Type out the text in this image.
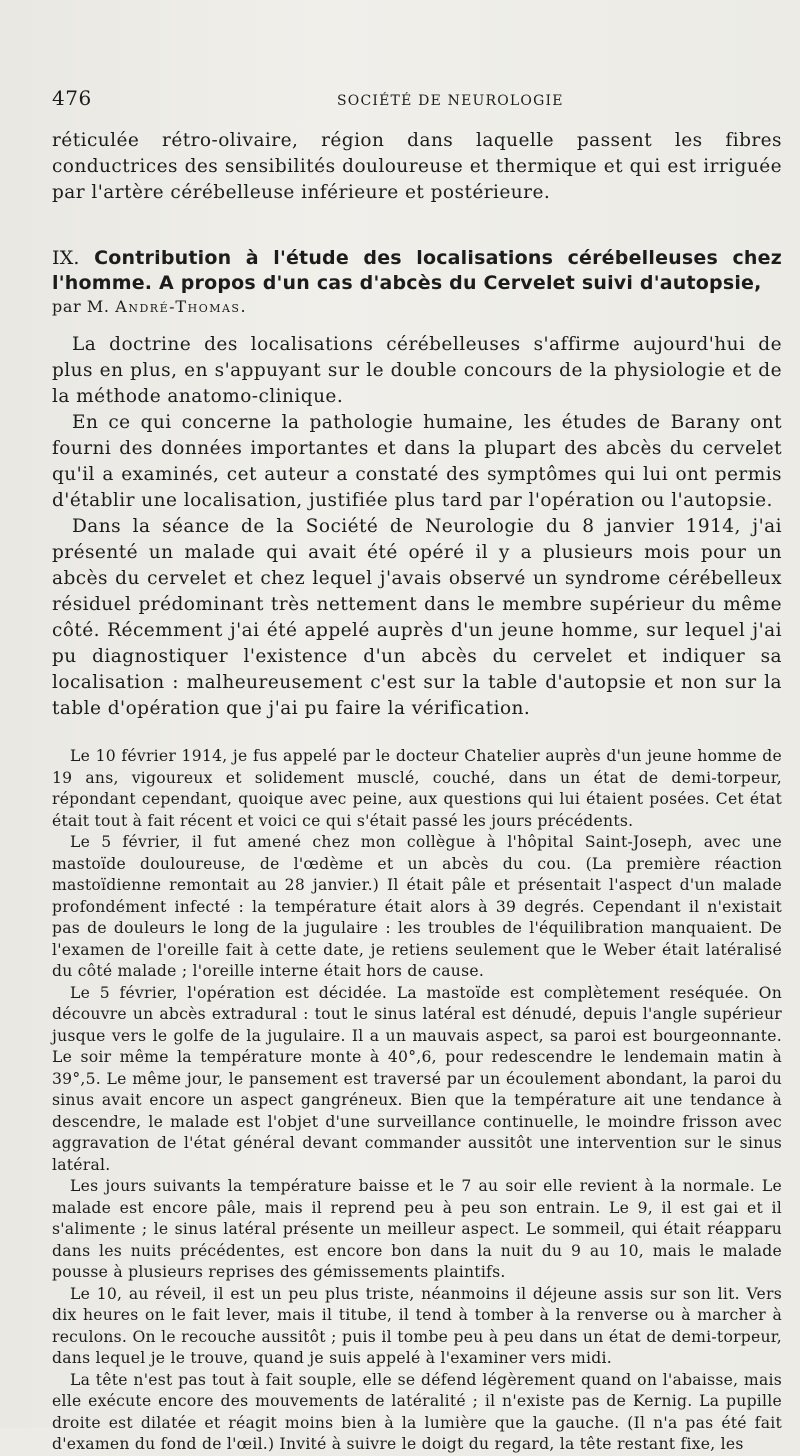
476	SOCIÉTÉ DE NEUROLOGIE

réticulée rétro-olivaire, région dans laquelle passent les fibres conductrices des sensibilités douloureuse et thermique et qui est irriguée par l'artère cérébelleuse inférieure et postérieure.

IX. Contribution à l'étude des localisations cérébelleuses chez l'homme. A propos d'un cas d'abcès du Cervelet suivi d'autopsie,
par M. André-Thomas.

La doctrine des localisations cérébelleuses s'affirme aujourd'hui de plus en plus, en s'appuyant sur le double concours de la physiologie et de la méthode anatomo-clinique.

En ce qui concerne la pathologie humaine, les études de Barany ont fourni des données importantes et dans la plupart des abcès du cervelet qu'il a examinés, cet auteur a constaté des symptômes qui lui ont permis d'établir une localisation, justifiée plus tard par l'opération ou l'autopsie.

Dans la séance de la Société de Neurologie du 8 janvier 1914, j'ai présenté un malade qui avait été opéré il y a plusieurs mois pour un abcès du cervelet et chez lequel j'avais observé un syndrome cérébelleux résiduel prédominant très nettement dans le membre supérieur du même côté. Récemment j'ai été appelé auprès d'un jeune homme, sur lequel j'ai pu diagnostiquer l'existence d'un abcès du cervelet et indiquer sa localisation : malheureusement c'est sur la table d'autopsie et non sur la table d'opération que j'ai pu faire la vérification.

Le 10 février 1914, je fus appelé par le docteur Chatelier auprès d'un jeune homme de 19 ans, vigoureux et solidement musclé, couché, dans un état de demi-torpeur, répondant cependant, quoique avec peine, aux questions qui lui étaient posées. Cet état était tout à fait récent et voici ce qui s'était passé les jours précédents.

Le 5 février, il fut amené chez mon collègue à l'hôpital Saint-Joseph, avec une mastoïde douloureuse, de l'œdème et un abcès du cou. (La première réaction mastoïdienne remontait au 28 janvier.) Il était pâle et présentait l'aspect d'un malade profondément infecté : la température était alors à 39 degrés. Cependant il n'existait pas de douleurs le long de la jugulaire : les troubles de l'équilibration manquaient. De l'examen de l'oreille fait à cette date, je retiens seulement que le Weber était latéralisé du côté malade ; l'oreille interne était hors de cause.

Le 5 février, l'opération est décidée. La mastoïde est complètement reséquée. On découvre un abcès extradural : tout le sinus latéral est dénudé, depuis l'angle supérieur jusque vers le golfe de la jugulaire. Il a un mauvais aspect, sa paroi est bourgeonnante. Le soir même la température monte à 40°,6, pour redescendre le lendemain matin à 39°,5. Le même jour, le pansement est traversé par un écoulement abondant, la paroi du sinus avait encore un aspect gangréneux. Bien que la température ait une tendance à descendre, le malade est l'objet d'une surveillance continuelle, le moindre frisson avec aggravation de l'état général devant commander aussitôt une intervention sur le sinus latéral.

Les jours suivants la température baisse et le 7 au soir elle revient à la normale. Le malade est encore pâle, mais il reprend peu à peu son entrain. Le 9, il est gai et il s'alimente ; le sinus latéral présente un meilleur aspect. Le sommeil, qui était réapparu dans les nuits précédentes, est encore bon dans la nuit du 9 au 10, mais le malade pousse à plusieurs reprises des gémissements plaintifs.

Le 10, au réveil, il est un peu plus triste, néanmoins il déjeune assis sur son lit. Vers dix heures on le fait lever, mais il titube, il tend à tomber à la renverse ou à marcher à reculons. On le recouche aussitôt ; puis il tombe peu à peu dans un état de demi-torpeur, dans lequel je le trouve, quand je suis appelé à l'examiner vers midi.

La tête n'est pas tout à fait souple, elle se défend légèrement quand on l'abaisse, mais elle exécute encore des mouvements de latéralité ; il n'existe pas de Kernig. La pupille droite est dilatée et réagit moins bien à la lumière que la gauche. (Il n'a pas été fait d'examen du fond de l'œil.) Invité à suivre le doigt du regard, la tête restant fixe, les
